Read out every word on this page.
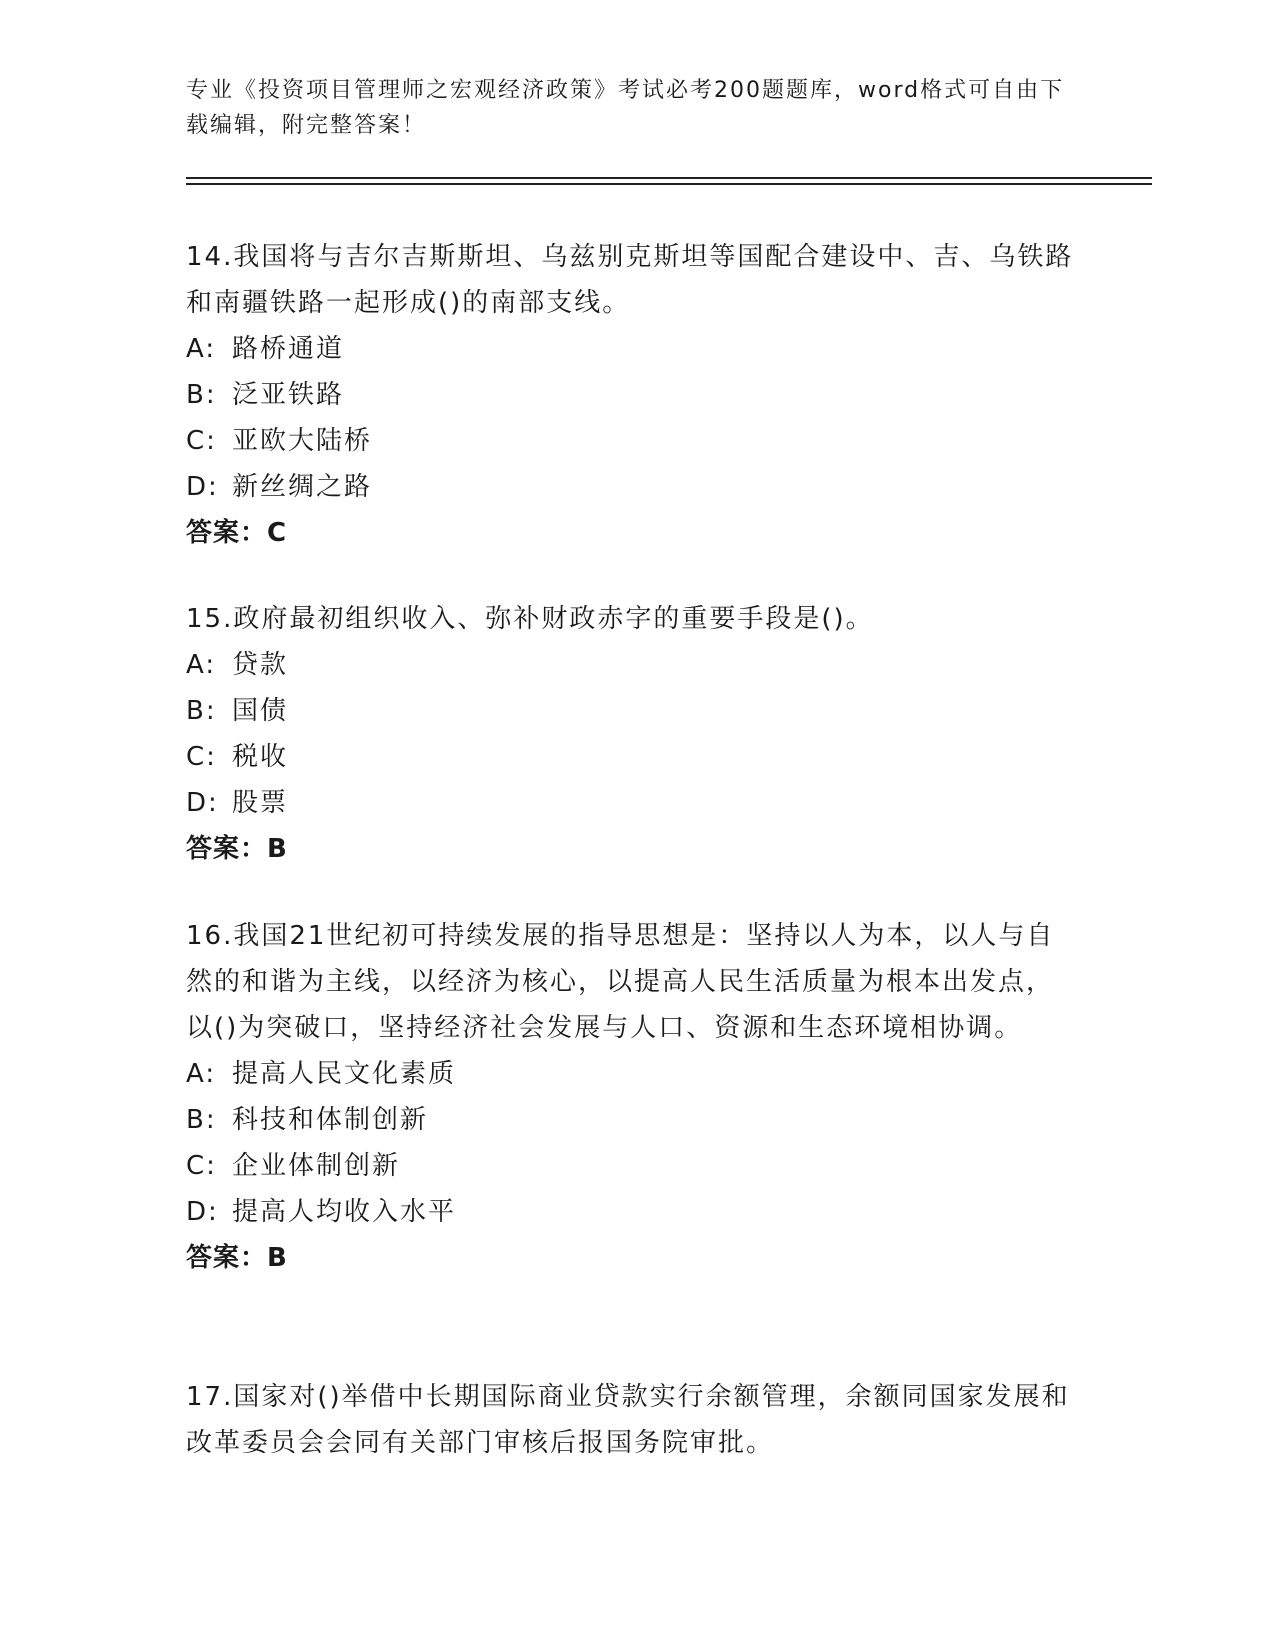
专业《投资项目管理师之宏观经济政策》考试必考200题题库，word格式可自由下载编辑，附完整答案！

14.我国将与吉尔吉斯斯坦、乌兹别克斯坦等国配合建设中、吉、乌铁路和南疆铁路一起形成()的南部支线。

A: 路桥通道

B: 泛亚铁路

C: 亚欧大陆桥

D: 新丝绸之路

答案：C

15.政府最初组织收入、弥补财政赤字的重要手段是()。

A: 贷款

B: 国债

C: 税收

D: 股票

答案：B

16.我国21世纪初可持续发展的指导思想是：坚持以人为本，以人与自然的和谐为主线，以经济为核心，以提高人民生活质量为根本出发点，以()为突破口，坚持经济社会发展与人口、资源和生态环境相协调。

A: 提高人民文化素质

B: 科技和体制创新

C: 企业体制创新

D: 提高人均收入水平

答案：B

17.国家对()举借中长期国际商业贷款实行余额管理，余额同国家发展和改革委员会会同有关部门审核后报国务院审批。
